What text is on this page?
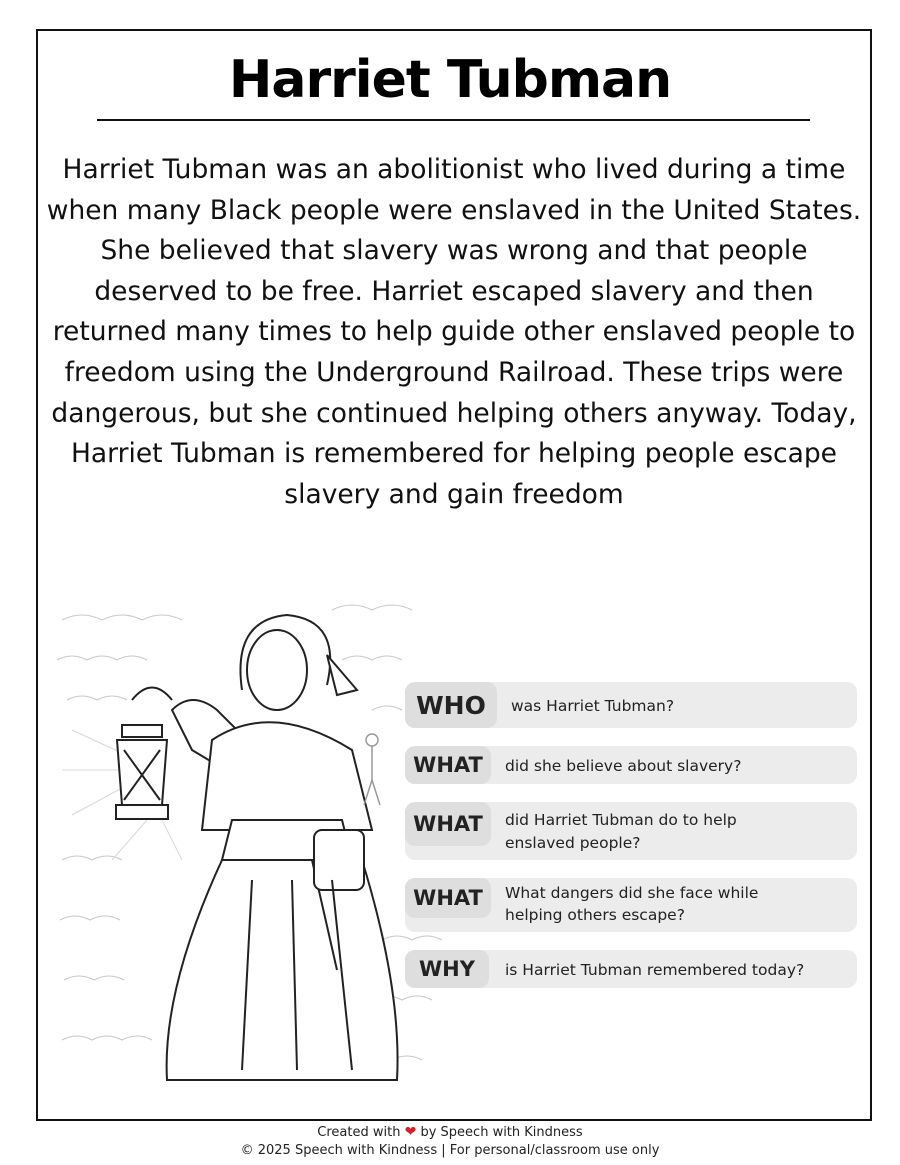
Harriet Tubman
Harriet Tubman was an abolitionist who lived during a time when many Black people were enslaved in the United States. She believed that slavery was wrong and that people deserved to be free. Harriet escaped slavery and then returned many times to help guide other enslaved people to freedom using the Underground Railroad. These trips were dangerous, but she continued helping others anyway. Today, Harriet Tubman is remembered for helping people escape slavery and gain freedom
WHO	was Harriet Tubman?
WHAT	did she believe about slavery?
WHAT	did Harriet Tubman do to help
enslaved people?
WHAT	What dangers did she face while
helping others escape?
WHY	is Harriet Tubman remembered today?
Created with ❤ by Speech with Kindness
© 2025 Speech with Kindness | For personal/classroom use only
